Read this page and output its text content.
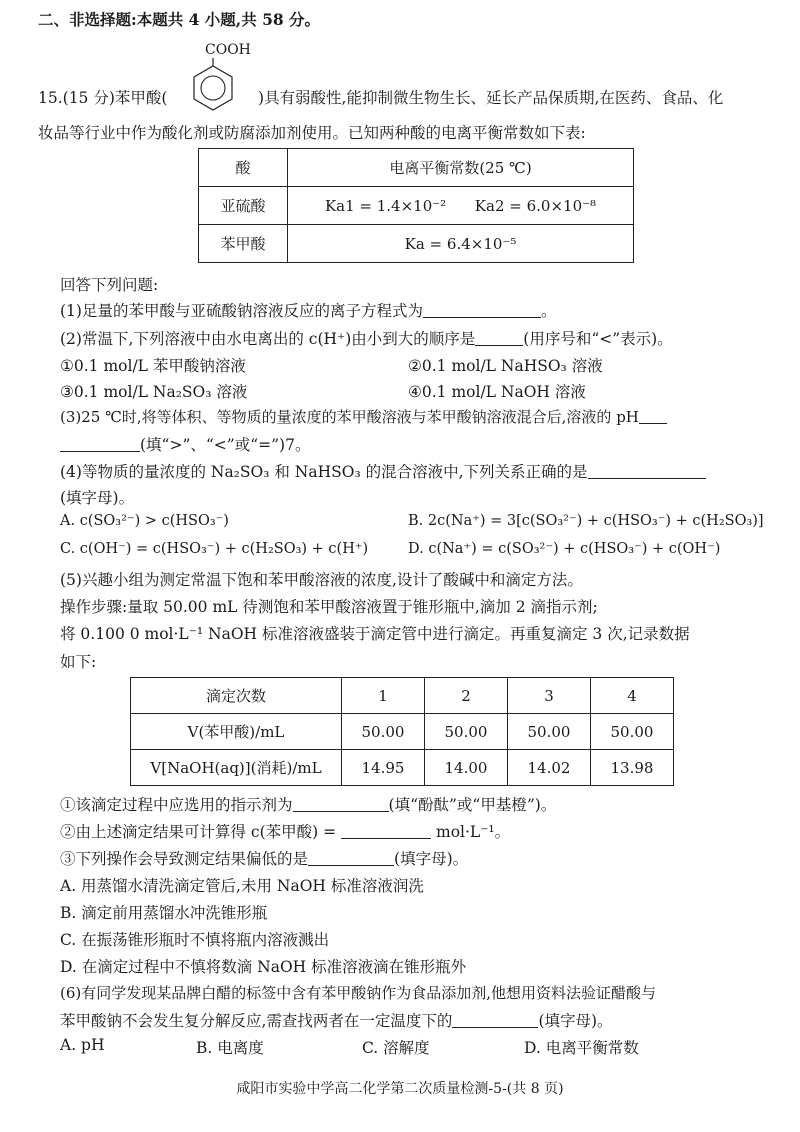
二、非选择题:本题共 4 小题,共 58 分。
COOH
15.(15 分)苯甲酸(	)具有弱酸性,能抑制微生物生长、延长产品保质期,在医药、食品、化
妆品等行业中作为酸化剂或防腐添加剂使用。已知两种酸的电离平衡常数如下表:
酸	电离平衡常数(25 ℃)
亚硫酸	Ka1 = 1.4×10⁻²      Ka2 = 6.0×10⁻⁸
苯甲酸	Ka = 6.4×10⁻⁵
回答下列问题:
(1)足量的苯甲酸与亚硫酸钠溶液反应的离子方程式为	。
(2)常温下,下列溶液中由水电离出的 c(H⁺)由小到大的顺序是	(用序号和“<”表示)。
①0.1 mol/L 苯甲酸钠溶液	②0.1 mol/L NaHSO₃ 溶液
③0.1 mol/L Na₂SO₃ 溶液	④0.1 mol/L NaOH 溶液
(3)25 ℃时,将等体积、等物质的量浓度的苯甲酸溶液与苯甲酸钠溶液混合后,溶液的 pH
(填“>”、“<”或“=”)7。
(4)等物质的量浓度的 Na₂SO₃ 和 NaHSO₃ 的混合溶液中,下列关系正确的是
(填字母)。
A. c(SO₃²⁻) > c(HSO₃⁻)	B. 2c(Na⁺) = 3[c(SO₃²⁻) + c(HSO₃⁻) + c(H₂SO₃)]
C. c(OH⁻) = c(HSO₃⁻) + c(H₂SO₃) + c(H⁺)	D. c(Na⁺) = c(SO₃²⁻) + c(HSO₃⁻) + c(OH⁻)
(5)兴趣小组为测定常温下饱和苯甲酸溶液的浓度,设计了酸碱中和滴定方法。
操作步骤:量取 50.00 mL 待测饱和苯甲酸溶液置于锥形瓶中,滴加 2 滴指示剂;
将 0.100 0 mol·L⁻¹ NaOH 标准溶液盛装于滴定管中进行滴定。再重复滴定 3 次,记录数据
如下:
滴定次数	1	2	3	4
V(苯甲酸)/mL	50.00	50.00	50.00	50.00
V[NaOH(aq)](消耗)/mL	14.95	14.00	14.02	13.98
①该滴定过程中应选用的指示剂为	(填“酚酞”或“甲基橙”)。
②由上述滴定结果可计算得 c(苯甲酸) =	mol·L⁻¹。
③下列操作会导致测定结果偏低的是	(填字母)。
A. 用蒸馏水清洗滴定管后,未用 NaOH 标准溶液润洗
B. 滴定前用蒸馏水冲洗锥形瓶
C. 在振荡锥形瓶时不慎将瓶内溶液溅出
D. 在滴定过程中不慎将数滴 NaOH 标准溶液滴在锥形瓶外
(6)有同学发现某品牌白醋的标签中含有苯甲酸钠作为食品添加剂,他想用资料法验证醋酸与
苯甲酸钠不会发生复分解反应,需查找两者在一定温度下的	(填字母)。
A. pH	B. 电离度	C. 溶解度	D. 电离平衡常数
咸阳市实验中学高二化学第二次质量检测-5-(共 8 页)
